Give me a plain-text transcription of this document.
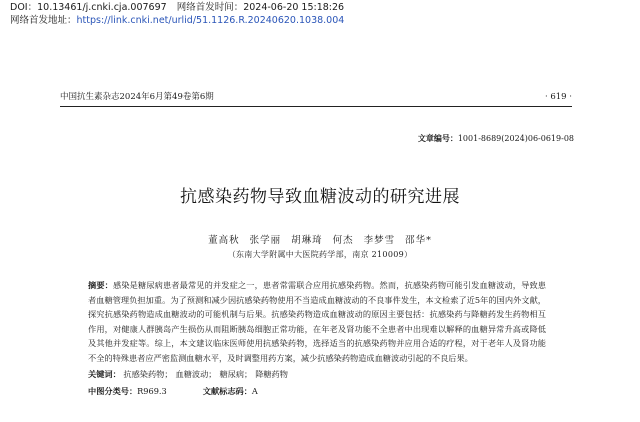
DOI：10.13461/j.cnki.cja.007697 网络首发时间：2024-06-20 15:18:26
网络首发地址：https://link.cnki.net/urlid/51.1126.R.20240620.1038.004
中国抗生素杂志2024年6月第49卷第6期	· 619 ·
文章编号：1001-8689(2024)06-0619-08
抗感染药物导致血糖波动的研究进展
董高秋 张学丽 胡琳琦 何杰 李梦雪 邵华*
（东南大学附属中大医院药学部，南京 210009）
摘要：感染是糖尿病患者最常见的并发症之一，患者常需联合应用抗感染药物。然而，抗感染药物可能引发血糖波动，导致患者血糖管理负担加重。为了预测和减少因抗感染药物使用不当造成血糖波动的不良事件发生，本文检索了近5年的国内外文献，探究抗感染药物造成血糖波动的可能机制与后果。抗感染药物造成血糖波动的原因主要包括：抗感染药与降糖药发生药物相互作用，对健康人群胰岛产生损伤从而阻断胰岛细胞正常功能，在年老及肾功能不全患者中出现难以解释的血糖异常升高或降低及其他并发症等。综上，本文建议临床医师使用抗感染药物，选择适当的抗感染药物并应用合适的疗程，对于老年人及肾功能不全的特殊患者应严密监测血糖水平，及时调整用药方案，减少抗感染药物造成血糖波动引起的不良后果。
关键词： 抗感染药物； 血糖波动； 糖尿病； 降糖药物
中图分类号：R969.3	文献标志码：A
